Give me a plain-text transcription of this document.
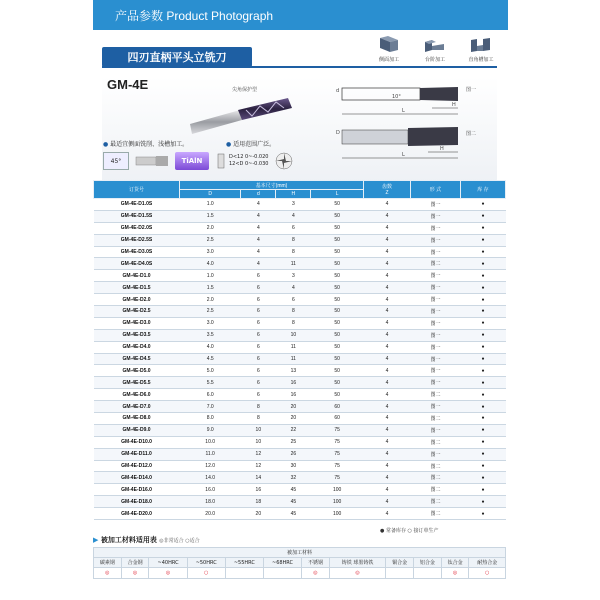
产品参数 Product Photograph
侧面加工	台阶加工	直角槽加工
四刃直柄平头立铣刀
GM-4E	尖角保护型	d
10°
H
L
图一
图二
D
H
L
● 最适宜侧面铣削、浅槽加工。	● 适用范围广泛。
45°	TiAlN	D<12 0~-0.020
12<D 0~-0.030
订货号	基本尺寸(mm)				齿数
Z	形 式	库 存
	D	d	H	L			
GM-4E-D1.0S	1.0	4	3	50	4	图一	●
GM-4E-D1.5S	1.5	4	4	50	4	图一	●
GM-4E-D2.0S	2.0	4	6	50	4	图一	●
GM-4E-D2.5S	2.5	4	8	50	4	图一	●
GM-4E-D3.0S	3.0	4	8	50	4	图一	●
GM-4E-D4.0S	4.0	4	11	50	4	图二	●
GM-4E-D1.0	1.0	6	3	50	4	图一	●
GM-4E-D1.5	1.5	6	4	50	4	图一	●
GM-4E-D2.0	2.0	6	6	50	4	图一	●
GM-4E-D2.5	2.5	6	8	50	4	图一	●
GM-4E-D3.0	3.0	6	8	50	4	图一	●
GM-4E-D3.5	3.5	6	10	50	4	图一	●
GM-4E-D4.0	4.0	6	11	50	4	图一	●
GM-4E-D4.5	4.5	6	11	50	4	图一	●
GM-4E-D5.0	5.0	6	13	50	4	图一	●
GM-4E-D5.5	5.5	6	16	50	4	图一	●
GM-4E-D6.0	6.0	6	16	50	4	图二	●
GM-4E-D7.0	7.0	8	20	60	4	图一	●
GM-4E-D8.0	8.0	8	20	60	4	图二	●
GM-4E-D9.0	9.0	10	22	75	4	图一	●
GM-4E-D10.0	10.0	10	25	75	4	图二	●
GM-4E-D11.0	11.0	12	26	75	4	图一	●
GM-4E-D12.0	12.0	12	30	75	4	图二	●
GM-4E-D14.0	14.0	14	32	75	4	图二	●
GM-4E-D16.0	16.0	16	45	100	4	图二	●
GM-4E-D18.0	18.0	18	45	100	4	图二	●
GM-4E-D20.0	20.0	20	45	100	4	图二	●
● 常备库存 ○ 接订单生产
▶ 被加工材料适用表 ◎非常适合 ○适合
被加工材料											
碳素钢	合金钢	~40HRC	~50HRC	~55HRC	~68HRC	不锈钢	铸铁 球墨铸铁	铜合金	铝合金	钛合金	耐热合金
◎	◎	◎	○			◎	◎			◎	○
